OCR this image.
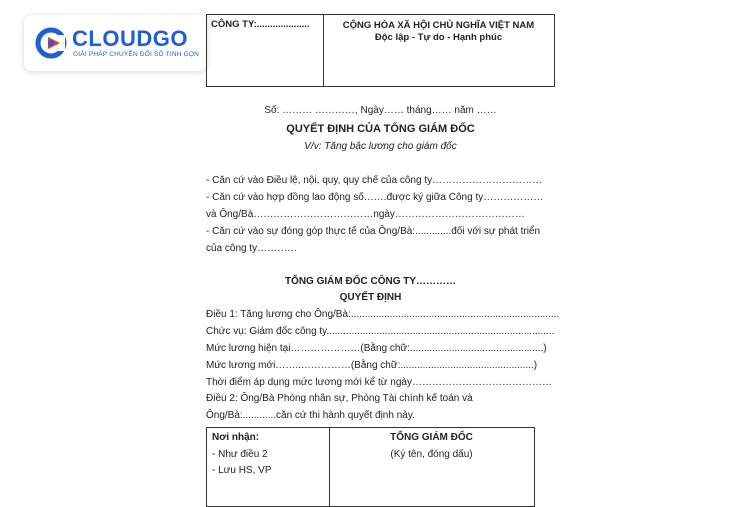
CLOUDGO
GIẢI PHÁP CHUYỂN ĐỔI SỐ TINH GỌN
CÔNG TY:....................	CỘNG HÒA XÃ HỘI CHỦ NGHĨA VIỆT NAM
Độc lập - Tự do - Hạnh phúc
Số: ……… …………, Ngày…… tháng…… năm ……
QUYẾT ĐỊNH CỦA TỔNG GIÁM ĐỐC
V/v: Tăng bậc lương cho giám đốc
- Căn cứ vào Điều lệ, nội, quy, quy chế của công ty……………………………
- Căn cứ vào hợp đồng lao động số…….được ký giữa Công ty………………
và Ông/Bà………………………………ngày…………………………………
- Căn cứ vào sự đóng góp thực tế của Ông/Bà:.............đối với sự phát triển
của công ty…………
TỔNG GIÁM ĐỐC CÔNG TY…………
QUYẾT ĐỊNH
Điều 1: Tăng lương cho Ông/Bà:...........................................................................
Chức vụ: Giám đốc công ty..................................................................................
Mức lương hiện tại…………………(Bằng chữ:................................................)
Mức lương mới……..……………(Bằng chữ:................................................)
Thời điểm áp dụng mức lương mới kể từ ngày……………………………………
Điều 2: Ông/Bà Phòng nhân sự, Phòng Tài chính kế toán và
Ông/Bà:............căn cứ thi hành quyết định này.
Nơi nhận:
- Như điều 2
- Lưu HS, VP
TỔNG GIÁM ĐỐC
(Ký tên, đóng dấu)
